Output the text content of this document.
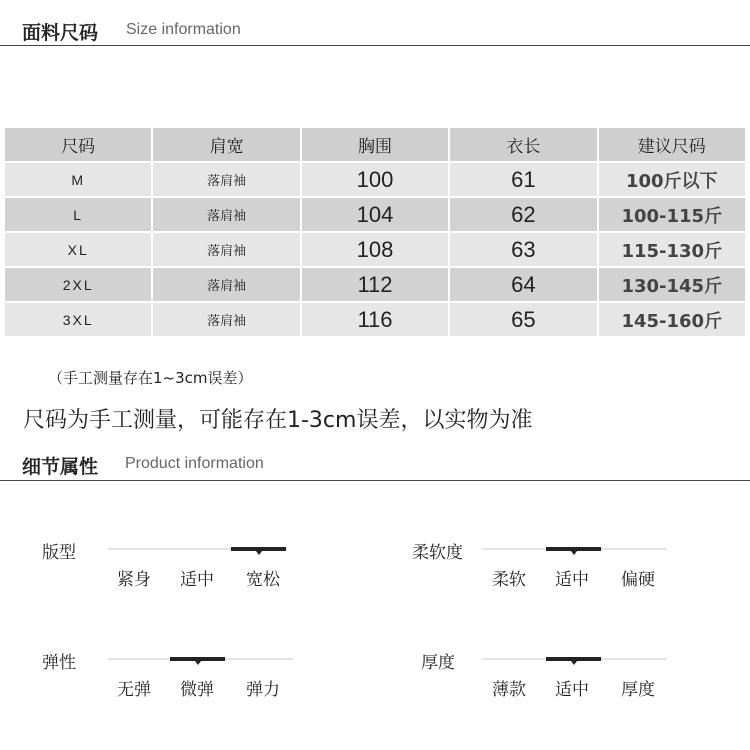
面料尺码 Size information
尺码	肩宽	胸围	衣长	建议尺码
M	落肩袖	100	61	100斤以下
L	落肩袖	104	62	100-115斤
XL	落肩袖	108	63	115-130斤
2XL	落肩袖	112	64	130-145斤
3XL	落肩袖	116	65	145-160斤
（手工测量存在1~3cm误差）
尺码为手工测量，可能存在1-3cm误差，以实物为准
细节属性 Product information
版型
紧身	适中	宽松
柔软度
柔软	适中	偏硬
弹性
无弹	微弹	弹力
厚度
薄款	适中	厚度
